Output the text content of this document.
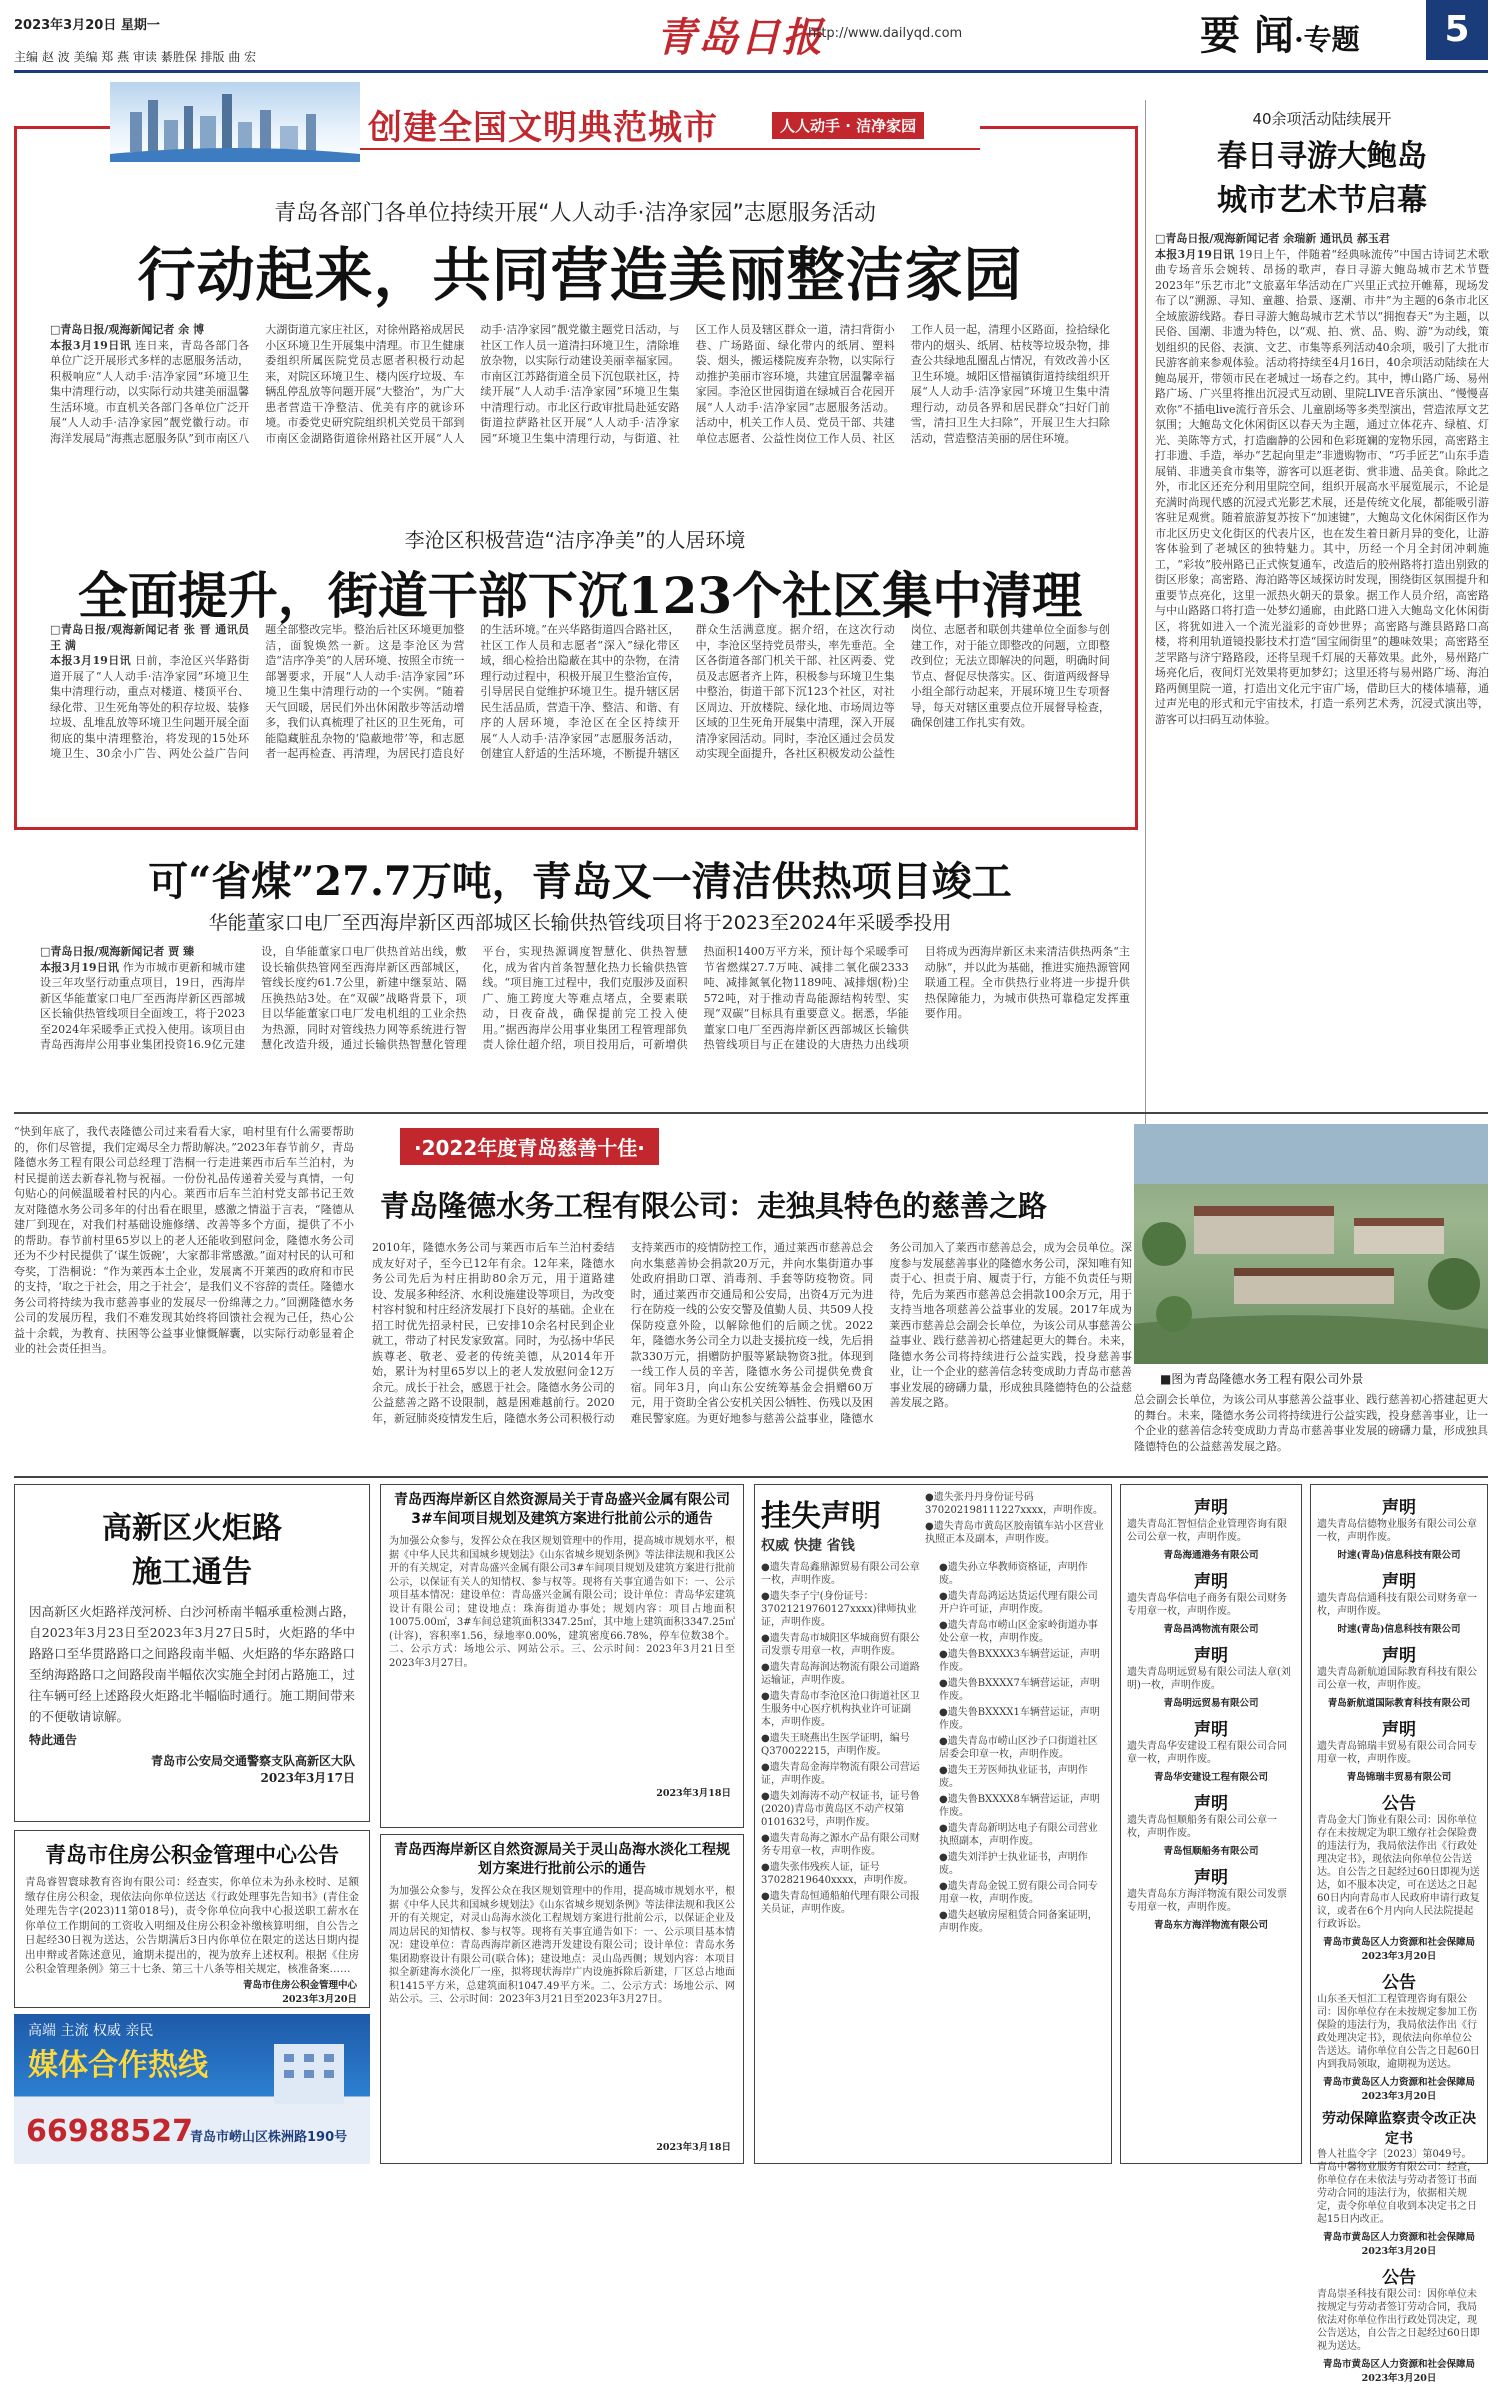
2023年3月20日 星期一
主编 赵 波 美编 郑 燕 审读 綦胜保 排版 曲 宏	青岛日报
http://www.dailyqd.com	要 闻·专题	5
创建全国文明典范城市	人人动手 · 洁净家园
青岛各部门各单位持续开展“人人动手·洁净家园”志愿服务活动
行动起来，共同营造美丽整洁家园
□青岛日报/观海新闻记者 余 博
本报3月19日讯 连日来，青岛各部门各单位广泛开展形式多样的志愿服务活动，积极响应“人人动手·洁净家园”环境卫生集中清理行动，以实际行动共建美丽温馨生活环境。市直机关各部门各单位广泛开展“人人动手·洁净家园”靓党徽行动。市海洋发展局“海燕志愿服务队”到市南区八大湖街道亢家庄社区，对徐州路裕成居民小区环境卫生开展集中清理。市卫生健康委组织所属医院党员志愿者积极行动起来，对院区环境卫生、楼内医疗垃圾、车辆乱停乱放等问题开展“大整治”，为广大患者营造干净整洁、优美有序的就诊环境。市委党史研究院组织机关党员干部到市南区金湖路街道徐州路社区开展“人人动手·洁净家园”靓党徽主题党日活动，与社区工作人员一道清扫环境卫生，清除堆放杂物，以实际行动建设美丽幸福家园。市南区江苏路街道全员下沉包联社区，持续开展“人人动手·洁净家园”环境卫生集中清理行动。市北区行政审批局赴延安路街道拉萨路社区开展“人人动手·洁净家园”环境卫生集中清理行动，与街道、社区工作人员及辖区群众一道，清扫背街小巷、广场路面、绿化带内的纸屑、塑料袋、烟头，搬运楼院废弃杂物，以实际行动推护美丽市容环境，共建宜居温馨幸福家园。李沧区世园街道在绿城百合花园开展“人人动手·洁净家园”志愿服务活动。活动中，机关工作人员、党员干部、共建单位志愿者、公益性岗位工作人员、社区工作人员一起，清理小区路面，捡拾绿化带内的烟头、纸屑、枯枝等垃圾杂物，排查公共绿地乱圈乱占情况，有效改善小区卫生环境。城阳区惜福镇街道持续组织开展“人人动手·洁净家园”环境卫生集中清理行动，动员各界和居民群众“扫好门前雪，清扫卫生大扫除”，开展卫生大扫除活动，营造整洁美丽的居住环境。
李沧区积极营造“洁序净美”的人居环境
全面提升，街道干部下沉123个社区集中清理
□青岛日报/观海新闻记者 张 晋 通讯员 王 满
本报3月19日讯 日前，李沧区兴华路街道开展了“人人动手·洁净家园”环境卫生集中清理行动，重点对楼道、楼顶平台、绿化带、卫生死角等处的积存垃圾、装修垃圾、乱堆乱放等环境卫生问题开展全面彻底的集中清理整治，将发现的15处环境卫生、30余小广告、两处公益广告问题全部整改完毕。整治后社区环境更加整洁，面貌焕然一新。这是李沧区为营造“洁序净美”的人居环境、按照全市统一部署要求，开展“人人动手·洁净家园”环境卫生集中清理行动的一个实例。“随着天气回暖，居民们外出休闲散步等活动增多，我们认真梳理了社区的卫生死角，可能隐藏脏乱杂物的‘隐蔽地带’等，和志愿者一起再检查、再清理，为居民打造良好的生活环境。”在兴华路街道四合路社区，社区工作人员和志愿者“深入”绿化带区域，细心检拾出隐蔽在其中的杂物，在清理行动过程中，积极开展卫生整治宣传，引导居民自觉维护环境卫生。提升辖区居民生活品质，营造干净、整洁、和谐、有序的人居环境，李沧区在全区持续开展“人人动手·洁净家园”志愿服务活动，创建宜人舒适的生活环境，不断提升辖区群众生活满意度。据介绍，在这次行动中，李沧区坚持党员带头，率先垂范。全区各街道各部门机关干部、社区两委、党员及志愿者齐上阵，积极参与环境卫生集中整治，街道干部下沉123个社区，对社区周边、开放楼院、绿化地、市场周边等区域的卫生死角开展集中清理，深入开展清净家园活动。同时，李沧区通过会员发动实现全面提升，各社区积极发动公益性岗位、志愿者和联创共建单位全面参与创建工作，对于能立即整改的问题，立即整改到位；无法立即解决的问题，明确时间节点、督促尽快落实。区、街道两级督导小组全部行动起来，开展环境卫生专项督导，每天对辖区重要点位开展督导检查，确保创建工作扎实有效。
可“省煤”27.7万吨，青岛又一清洁供热项目竣工
华能董家口电厂至西海岸新区西部城区长输供热管线项目将于2023至2024年采暖季投用
□青岛日报/观海新闻记者 贾 臻
本报3月19日讯 作为市城市更新和城市建设三年攻坚行动重点项目，19日，西海岸新区华能董家口电厂至西海岸新区西部城区长输供热管线项目全面竣工，将于2023至2024年采暖季正式投入使用。该项目由青岛西海岸公用事业集团投资16.9亿元建设，自华能董家口电厂供热首站出线，敷设长输供热管网至西海岸新区西部城区，管线长度约61.7公里，新建中继泵站、隔压换热站3处。在“双碳”战略背景下，项目以华能董家口电厂发电机组的工业余热为热源，同时对管线热力网等系统进行智慧化改造升级，通过长输供热智慧化管理平台，实现热源调度智慧化、供热智慧化，成为省内首条智慧化热力长输供热管线。“项目施工过程中，我们克服涉及面积广、施工跨度大等难点堵点，全要素联动，日夜奋战，确保提前完工投入使用。”据西海岸公用事业集团工程管理部负责人徐仕超介绍，项目投用后，可新增供热面积1400万平方米，预计每个采暖季可节省燃煤27.7万吨、减排二氧化碳2333吨、减排氮氧化物1189吨、减排烟(粉)尘572吨，对于推动青岛能源结构转型、实现“双碳”目标具有重要意义。据悉，华能董家口电厂至西海岸新区西部城区长输供热管线项目与正在建设的大唐热力出线项目将成为西海岸新区未来清洁供热两条“主动脉”，并以此为基础，推进实施热源管网联通工程。全市供热行业将进一步提升供热保障能力，为城市供热可靠稳定发挥重要作用。
40余项活动陆续展开
春日寻游大鲍岛
城市艺术节启幕
□青岛日报/观海新闻记者 余瑞新 通讯员 郝玉君
本报3月19日讯 19日上午，伴随着“经典咏流传”中国古诗词艺术歌曲专场音乐会婉转、昂扬的歌声，春日寻游大鲍岛城市艺术节暨2023年“乐艺市北”文旅嘉年华活动在广兴里正式拉开帷幕，现场发布了以“溯源、寻知、童趣、拾景、逐潮、市井”为主题的6条市北区全域旅游线路。春日寻游大鲍岛城市艺术节以“拥抱春天”为主题，以民俗、国潮、非遗为特色，以“观、拍、赏、品、购、游”为动线，策划组织的民俗、表演、文艺、市集等系列活动40余项，吸引了大批市民游客前来参观体验。活动将持续至4月16日，40余项活动陆续在大鲍岛展开，带领市民在老城过一场春之约。其中，博山路广场、易州路广场、广兴里将推出沉浸式互动剧、里院LIVE音乐演出、“慢慢喜欢你”不插电live流行音乐会、儿童剧场等多类型演出，营造浓厚文艺氛围；大鲍岛文化休闲街区以春天为主题，通过立体花卉、绿植、灯光、美陈等方式，打造幽静的公园和色彩斑斓的宠物乐园，高密路主打非遗、手造，举办“艺起向里走”非遗购物市、“巧手匠艺”山东手造展销、非遗美食市集等，游客可以逛老街、赏非遗、品美食。除此之外，市北区还充分利用里院空间，组织开展高水平展览展示，不论是充满时尚现代感的沉浸式光影艺术展，还是传统文化展，都能吸引游客驻足观赏。随着旅游复苏按下“加速键”，大鲍岛文化休闲街区作为市北区历史文化街区的代表片区，也在发生着日新月异的变化，让游客体验到了老城区的独特魅力。其中，历经一个月全封闭冲刺施工，“彩妆”胶州路已正式恢复通车，改造后的胶州路将打造出别致的街区形象；高密路、海泊路等区域探访时发现，围绕街区氛围提升和重要节点亮化，这里一派热火朝天的景象。据工作人员介绍，高密路与中山路路口将打造一处梦幻通廊，由此路口进入大鲍岛文化休闲街区，将犹如进入一个流光溢彩的奇妙世界；高密路与潍县路路口高楼，将利用轨道镜投影技术打造“国宝闹街里”的趣味效果；高密路至芝罘路与济宁路路段，还将呈现千灯展的天幕效果。此外，易州路广场亮化后，夜间灯光效果将更加梦幻；这里还将与易州路广场、海泊路两侧里院一道，打造出文化元宇宙广场，借助巨大的楼体墙幕，通过声光电的形式和元宇宙技术，打造一系列艺术秀，沉浸式演出等，游客可以扫码互动体验。
“快到年底了，我代表隆德公司过来看看大家，咱村里有什么需要帮助的，你们尽管提，我们定竭尽全力帮助解决。”2023年春节前夕，青岛隆德水务工程有限公司总经理丁浩桐一行走进莱西市后车兰泊村，为村民提前送去新春礼物与祝福。一份份礼品传递着关爱与真情，一句句贴心的问候温暖着村民的内心。莱西市后车兰泊村党支部书记王效友对隆德水务公司多年的付出看在眼里，感激之情溢于言表，“隆德从建厂到现在，对我们村基础设施修缮、改善等多个方面，提供了不小的帮助。春节前村里65岁以上的老人还能收到慰问金，隆德水务公司还为不少村民提供了‘谋生饭碗’，大家都非常感激。”面对村民的认可和夸奖，丁浩桐说：“作为莱西本土企业，发展离不开莱西的政府和市民的支持，‘取之于社会，用之于社会’，是我们义不容辞的责任。隆德水务公司将持续为我市慈善事业的发展尽一份绵薄之力。”回溯隆德水务公司的发展历程，我们不难发现其始终将回馈社会视为己任，热心公益十余载，为教育、扶困等公益事业慷慨解囊，以实际行动彰显着企业的社会责任担当。
·2022年度青岛慈善十佳·
青岛隆德水务工程有限公司：走独具特色的慈善之路
2010年，隆德水务公司与莱西市后车兰泊村委结成友好对子，至今已12年有余。12年来，隆德水务公司先后为村庄捐助80余万元，用于道路建设、发展多种经济、水利设施建设等项目，为改变村容村貌和村庄经济发展打下良好的基础。企业在招工时优先招录村民，已安排10余名村民到企业就工，带动了村民发家致富。同时，为弘扬中华民族尊老、敬老、爱老的传统美德，从2014年开始，累计为村里65岁以上的老人发放慰问金12万余元。成长于社会，感恩于社会。隆德水务公司的公益慈善之路不设限制，越是困难越前行。2020年，新冠肺炎疫情发生后，隆德水务公司积极行动支持莱西市的疫情防控工作，通过莱西市慈善总会向水集慈善协会捐款20万元，并向水集街道办事处政府捐助口罩、消毒剂、手套等防疫物资。同时，通过莱西市交通局和公安局，出资4万元为进行在防疫一线的公安交警及值勤人员、共509人投保防疫意外险，以解除他们的后顾之忧。2022年，隆德水务公司全力以赴支援抗疫一线，先后捐款330万元，捐赠防护服等紧缺物资3批。体现到一线工作人员的辛苦，隆德水务公司提供免费食宿。同年3月，向山东公安统筹基金会捐赠60万元，用于资助全省公安机关因公牺牲、伤残以及困难民警家庭。为更好地参与慈善公益事业，隆德水务公司加入了莱西市慈善总会，成为会员单位。深度参与发展慈善事业的隆德水务公司，深知唯有知责于心、担责于肩、履责于行，方能不负责任与期待，先后为莱西市慈善总会捐款100余万元，用于支持当地各项慈善公益事业的发展。2017年成为莱西市慈善总会副会长单位，为该公司从事慈善公益事业、践行慈善初心搭建起更大的舞台。未来，隆德水务公司将持续进行公益实践，投身慈善事业，让一个企业的慈善信念转变成助力青岛市慈善事业发展的磅礴力量，形成独具隆德特色的公益慈善发展之路。
■图为青岛隆德水务工程有限公司外景
总会副会长单位，为该公司从事慈善公益事业、践行慈善初心搭建起更大的舞台。未来，隆德水务公司将持续进行公益实践，投身慈善事业，让一个企业的慈善信念转变成助力青岛市慈善事业发展的磅礴力量，形成独具隆德特色的公益慈善发展之路。
高新区火炬路
施工通告
因高新区火炬路祥茂河桥、白沙河桥南半幅承重检测占路，自2023年3月23日至2023年3月27日5时，火炬路的华中路路口至华贯路路口之间路段南半幅、火炬路的华东路路口至纳海路路口之间路段南半幅依次实施全封闭占路施工，过往车辆可经上述路段火炬路北半幅临时通行。施工期间带来的不便敬请谅解。
特此通告
青岛市公安局交通警察支队高新区大队
2023年3月17日
青岛市住房公积金管理中心公告
青岛睿智寰球教育咨询有限公司：经查实，你单位未为孙永校时、足额缴存住房公积金，现依法向你单位送达《行政处理事先告知书》(青住金处理先告字(2023)11第018号)，责令你单位向我中心报送职工薪水在你单位工作期间的工资收入明细及住房公积金补缴核算明细，自公告之日起经30日视为送达，公告期满后3日内你单位在限定的送达日期内提出申辩或者陈述意见，逾期未提出的，视为放弃上述权利。根据《住房公积金管理条例》第三十七条、第三十八条等相关规定，核准备案……
青岛市住房公积金管理中心
2023年3月20日
高端 主流 权威 亲民
媒体合作热线
66988527
青岛市崂山区株洲路190号
青岛西海岸新区自然资源局关于青岛盛兴金属有限公司3#车间项目规划及建筑方案进行批前公示的通告
为加强公众参与，发挥公众在我区规划管理中的作用，提高城市规划水平，根据《中华人民共和国城乡规划法》《山东省城乡规划条例》等法律法规和我区公开的有关规定，对青岛盛兴金属有限公司3#车间项目规划及建筑方案进行批前公示，以保证有关人的知情权、参与权等。现将有关事宜通告如下：一、公示项目基本情况：建设单位：青岛盛兴金属有限公司；设计单位：青岛华宏建筑设计有限公司；建设地点：珠海街道办事处；规划内容：项目占地面积10075.00㎡，3#车间总建筑面积3347.25㎡，其中地上建筑面积3347.25㎡(计容)，容积率1.56，绿地率0.00%，建筑密度66.78%，停车位数38个。二、公示方式：场地公示、网站公示。三、公示时间：2023年3月21日至2023年3月27日。
2023年3月18日
青岛西海岸新区自然资源局关于灵山岛海水淡化工程规划方案进行批前公示的通告
为加强公众参与，发挥公众在我区规划管理中的作用，提高城市规划水平，根据《中华人民共和国城乡规划法》《山东省城乡规划条例》等法律法规和我区公开的有关规定，对灵山岛海水淡化工程规划方案进行批前公示，以保证企业及周边居民的知情权、参与权等。现将有关事宜通告如下：一、公示项目基本情况：建设单位：青岛西海岸新区港湾开发建设有限公司；设计单位：青岛水务集团勘察设计有限公司(联合体)；建设地点：灵山岛西侧；规划内容：本项目拟全新建海水淡化厂一座，拟将现状海岸广内设施拆除后新建，厂区总占地面积1415平方米，总建筑面积1047.49平方米。二、公示方式：场地公示、网站公示。三、公示时间：2023年3月21日至2023年3月27日。
2023年3月18日
挂失声明
权威 快捷 省钱
●遗失青岛鑫鼎源贸易有限公司公章一枚，声明作废。
●遗失李子宁(身份证号：37021219760127xxxx)律师执业证，声明作废。
●遗失青岛市城阳区华城商贸有限公司发票专用章一枚，声明作废。
●遗失青岛海润达物流有限公司道路运输证，声明作废。
●遗失青岛市李沧区沧口街道社区卫生服务中心医疗机构执业许可证副本，声明作废。
●遗失王晓燕出生医学证明，编号Q370022215，声明作废。
●遗失青岛金海岸物流有限公司营运证，声明作废。
●遗失刘海涛不动产权证书，证号鲁(2020)青岛市黄岛区不动产权第0101632号，声明作废。
●遗失青岛海之源水产品有限公司财务专用章一枚，声明作废。
●遗失张伟残疾人证，证号37028219640xxxx，声明作废。
●遗失青岛恒通船舶代理有限公司报关员证，声明作废。
●遗失孙立华教师资格证，声明作废。
●遗失青岛鸿运达货运代理有限公司开户许可证，声明作废。
●遗失青岛市崂山区金家岭街道办事处公章一枚，声明作废。
●遗失鲁BXXXX3车辆营运证，声明作废。
●遗失鲁BXXXX7车辆营运证，声明作废。
●遗失鲁BXXXX1车辆营运证，声明作废。
●遗失青岛市崂山区沙子口街道社区居委会印章一枚，声明作废。
●遗失王芳医师执业证书，声明作废。
●遗失鲁BXXXX8车辆营运证，声明作废。
●遗失青岛新明达电子有限公司营业执照副本，声明作废。
●遗失刘洋护士执业证书，声明作废。
●遗失青岛金锐工贸有限公司合同专用章一枚，声明作废。
●遗失赵敏房屋租赁合同备案证明，声明作废。
●遗失张丹丹身份证号码370202198111227xxxx，声明作废。
●遗失青岛市黄岛区胶南镇车站小区营业执照正本及副本，声明作废。
声明
遗失青岛汇智恒信企业管理咨询有限公司公章一枚，声明作废。
青岛海通港务有限公司
声明
遗失青岛华信电子商务有限公司财务专用章一枚，声明作废。
青岛昌鸿物流有限公司
声明
遗失青岛明远贸易有限公司法人章(刘明)一枚，声明作废。
青岛明远贸易有限公司
声明
遗失青岛华安建设工程有限公司合同章一枚，声明作废。
青岛华安建设工程有限公司
声明
遗失青岛恒顺船务有限公司公章一枚，声明作废。
青岛恒顺船务有限公司
声明
遗失青岛东方海洋物流有限公司发票专用章一枚，声明作废。
青岛东方海洋物流有限公司
声明
遗失青岛信德物业服务有限公司公章一枚，声明作废。
时速(青岛)信息科技有限公司
声明
遗失青岛信通科技有限公司财务章一枚，声明作废。
时速(青岛)信息科技有限公司
声明
遗失青岛新航道国际教育科技有限公司公章一枚，声明作废。
青岛新航道国际教育科技有限公司
声明
遗失青岛锦瑞丰贸易有限公司合同专用章一枚，声明作废。
青岛锦瑞丰贸易有限公司
公告
青岛金大门饰业有限公司：因你单位存在未按规定为职工缴存社会保险费的违法行为，我局依法作出《行政处理决定书》，现依法向你单位公告送达。自公告之日起经过60日即视为送达，如不服本决定，可在送达之日起60日内向青岛市人民政府申请行政复议，或者在6个月内向人民法院提起行政诉讼。
青岛市黄岛区人力资源和社会保障局
2023年3月20日
公告
山东圣天恒汇工程管理咨询有限公司：因你单位存在未按规定参加工伤保险的违法行为，我局依法作出《行政处理决定书》，现依法向你单位公告送达。请你单位自公告之日起60日内到我局领取，逾期视为送达。
青岛市黄岛区人力资源和社会保障局
2023年3月20日
劳动保障监察责令改正决定书
鲁人社监令字〔2023〕第049号。青岛中馨物业服务有限公司：经查，你单位存在未依法与劳动者签订书面劳动合同的违法行为，依据相关规定，责令你单位自收到本决定书之日起15日内改正。
青岛市黄岛区人力资源和社会保障局
2023年3月20日
公告
青岛崇圣科技有限公司：因你单位未按规定与劳动者签订劳动合同，我局依法对你单位作出行政处罚决定，现公告送达，自公告之日起经过60日即视为送达。
青岛市黄岛区人力资源和社会保障局
2023年3月20日
